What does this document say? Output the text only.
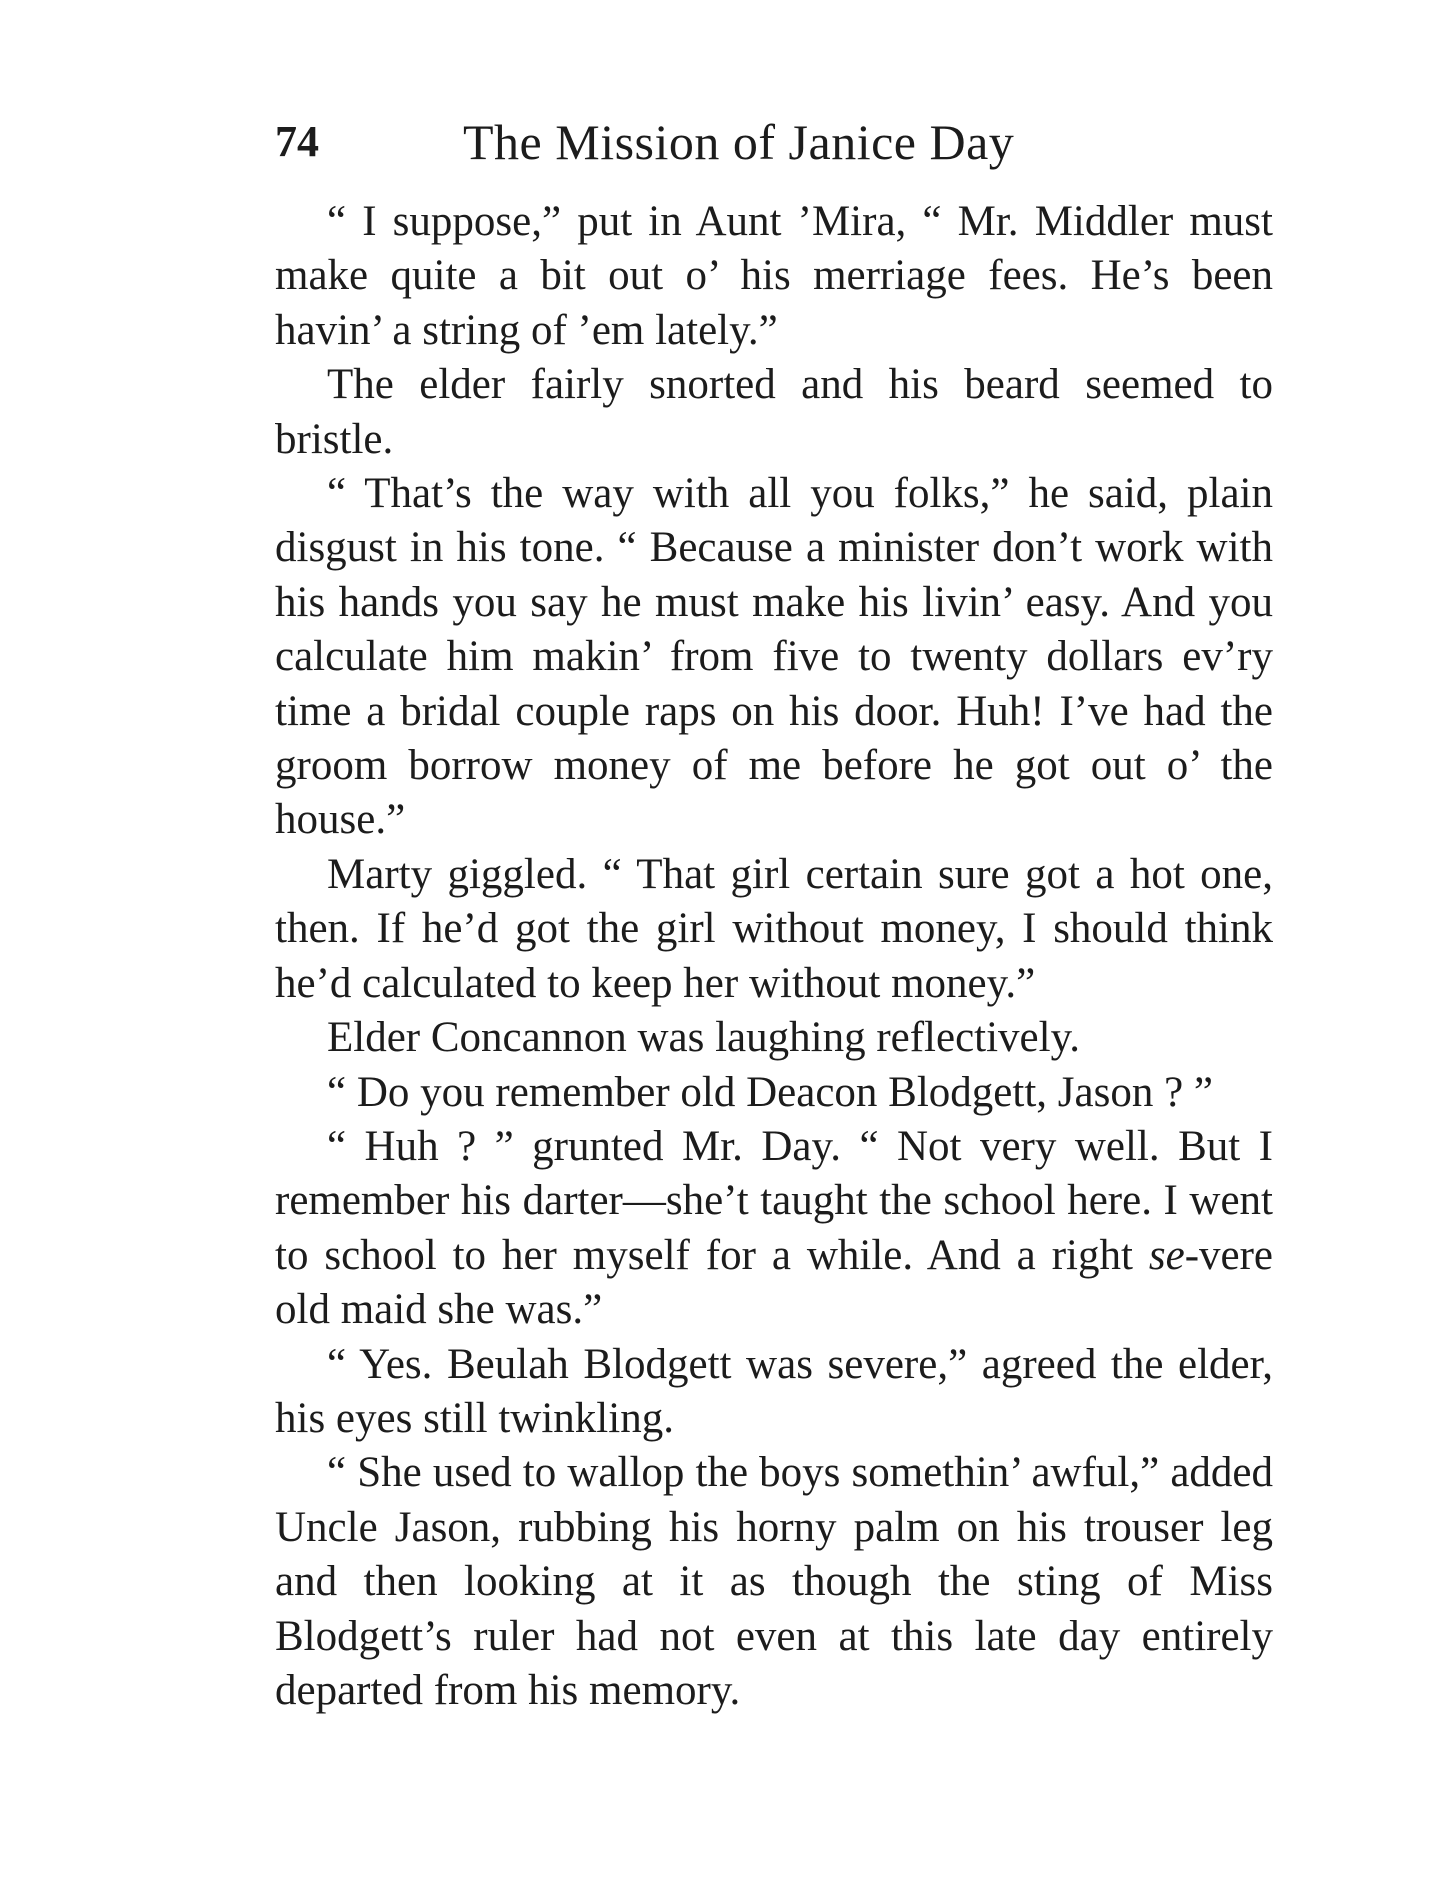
74	The Mission of Janice Day

“ I suppose,” put in Aunt ’Mira, “ Mr. Middler must make quite a bit out o’ his merriage fees. He’s been havin’ a string of ’em lately.”

The elder fairly snorted and his beard seemed to bristle.

“ That’s the way with all you folks,” he said, plain disgust in his tone. “ Because a minister don’t work with his hands you say he must make his livin’ easy. And you calculate him makin’ from five to twenty dollars ev’ry time a bridal couple raps on his door. Huh! I’ve had the groom borrow money of me before he got out o’ the house.”

Marty giggled. “ That girl certain sure got a hot one, then. If he’d got the girl without money, I should think he’d calculated to keep her without money.”

Elder Concannon was laughing reflectively.

“ Do you remember old Deacon Blodgett, Jason ? ”

“ Huh ? ” grunted Mr. Day. “ Not very well. But I remember his darter—she’t taught the school here. I went to school to her myself for a while. And a right se-vere old maid she was.”

“ Yes. Beulah Blodgett was severe,” agreed the elder, his eyes still twinkling.

“ She used to wallop the boys somethin’ awful,” added Uncle Jason, rubbing his horny palm on his trouser leg and then looking at it as though the sting of Miss Blodgett’s ruler had not even at this late day entirely departed from his memory.
